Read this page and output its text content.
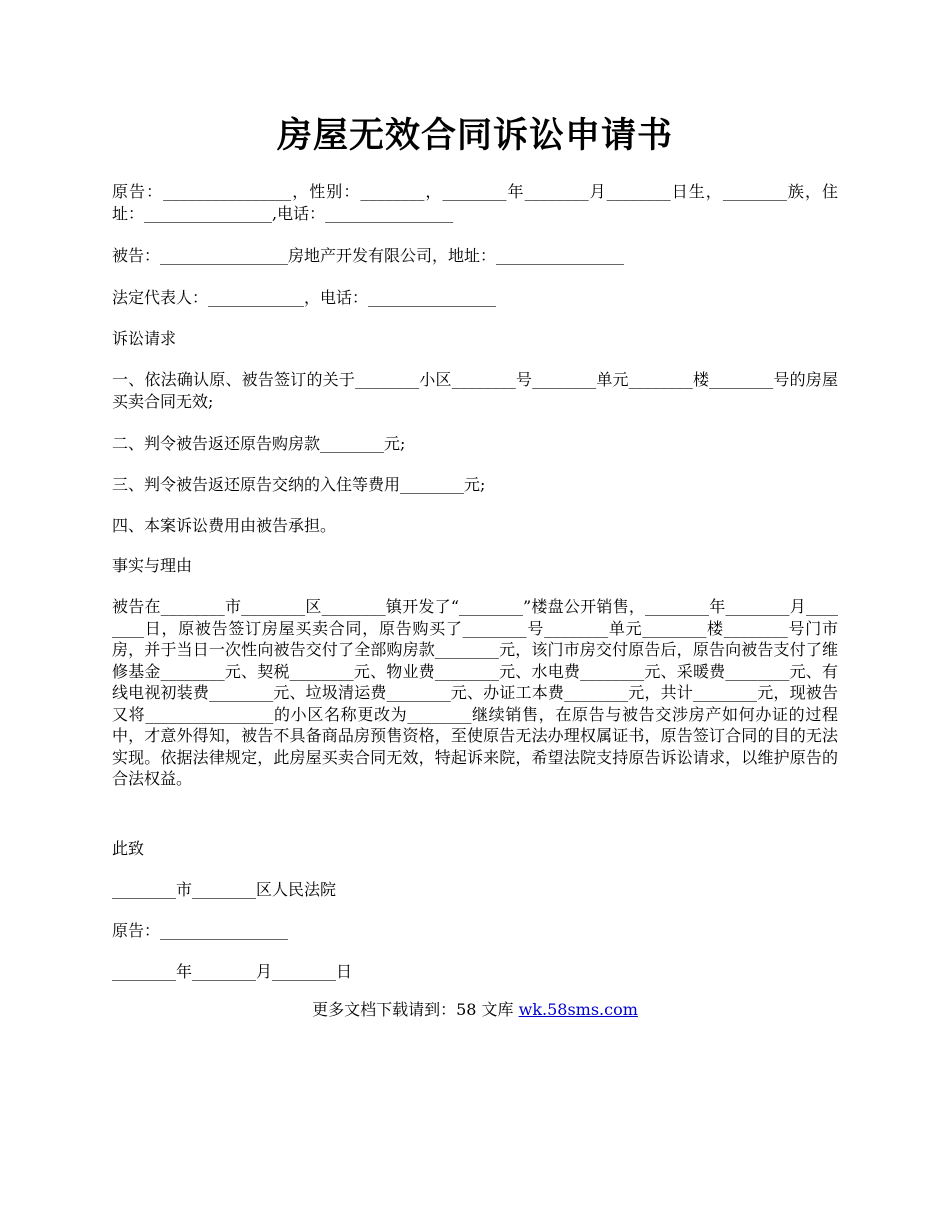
房屋无效合同诉讼申请书

原告：________________，性别：________，________年________月________日生，________族，住址：________________,电话：________________

被告：________________房地产开发有限公司，地址：________________

法定代表人：____________，电话：________________

诉讼请求

一、依法确认原、被告签订的关于________小区________号________单元________楼________号的房屋买卖合同无效;

二、判令被告返还原告购房款________元;

三、判令被告返还原告交纳的入住等费用________元;

四、本案诉讼费用由被告承担。

事实与理由

被告在________市________区________镇开发了“________”楼盘公开销售，________年________月________日，原被告签订房屋买卖合同，原告购买了________号________单元________楼________号门市房，并于当日一次性向被告交付了全部购房款________元，该门市房交付原告后，原告向被告支付了维修基金________元、契税________元、物业费________元、水电费________元、采暖费________元、有线电视初装费________元、垃圾清运费________元、办证工本费________元，共计________元，现被告又将________________的小区名称更改为________继续销售，在原告与被告交涉房产如何办证的过程中，才意外得知，被告不具备商品房预售资格，至使原告无法办理权属证书，原告签订合同的目的无法实现。依据法律规定，此房屋买卖合同无效，特起诉来院，希望法院支持原告诉讼请求，以维护原告的合法权益。

此致

________市________区人民法院

原告：________________

________年________月________日

更多文档下载请到：58 文库 wk.58sms.com
